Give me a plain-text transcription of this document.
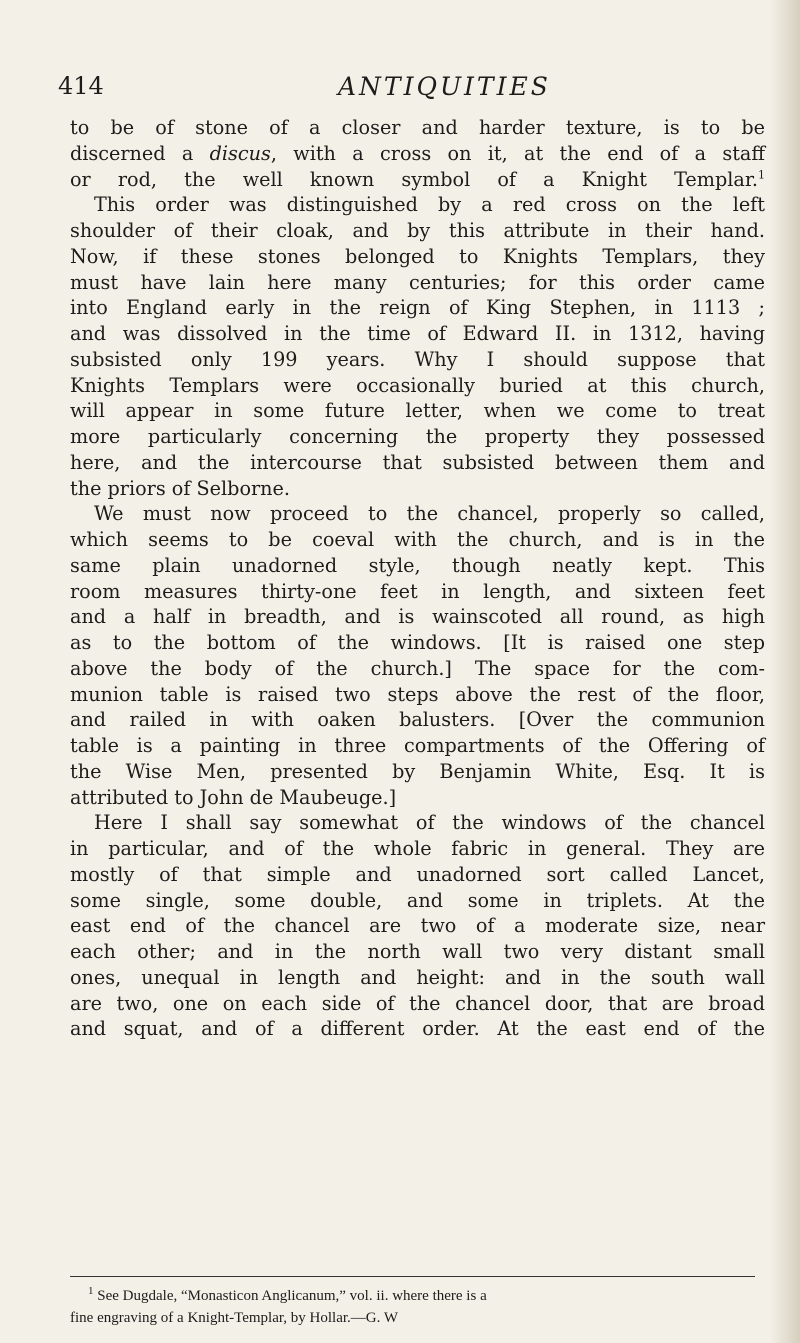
414	ANTIQUITIES
to be of stone of a closer and harder texture, is to be
discerned a discus, with a cross on it, at the end of a staff
or rod, the well known symbol of a Knight Templar.$^1$
This order was distinguished by a red cross on the left
shoulder of their cloak, and by this attribute in their hand.
Now, if these stones belonged to Knights Templars, they
must have lain here many centuries; for this order came
into England early in the reign of King Stephen, in 1113 ;
and was dissolved in the time of Edward II. in 1312, having
subsisted only 199 years. Why I should suppose that
Knights Templars were occasionally buried at this church,
will appear in some future letter, when we come to treat
more particularly concerning the property they possessed
here, and the intercourse that subsisted between them and
the priors of Selborne.
We must now proceed to the chancel, properly so called,
which seems to be coeval with the church, and is in the
same plain unadorned style, though neatly kept. This
room measures thirty-one feet in length, and sixteen feet
and a half in breadth, and is wainscoted all round, as high
as to the bottom of the windows. [It is raised one step
above the body of the church.] The space for the com-
munion table is raised two steps above the rest of the floor,
and railed in with oaken balusters. [Over the communion
table is a painting in three compartments of the Offering of
the Wise Men, presented by Benjamin White, Esq. It is
attributed to John de Maubeuge.]
Here I shall say somewhat of the windows of the chancel
in particular, and of the whole fabric in general. They are
mostly of that simple and unadorned sort called Lancet,
some single, some double, and some in triplets. At the
east end of the chancel are two of a moderate size, near
each other; and in the north wall two very distant small
ones, unequal in length and height: and in the south wall
are two, one on each side of the chancel door, that are broad
and squat, and of a different order. At the east end of the
$^1$ See Dugdale, “Monasticon Anglicanum,” vol. ii. where there is a
fine engraving of a Knight-Templar, by Hollar.—G. W
